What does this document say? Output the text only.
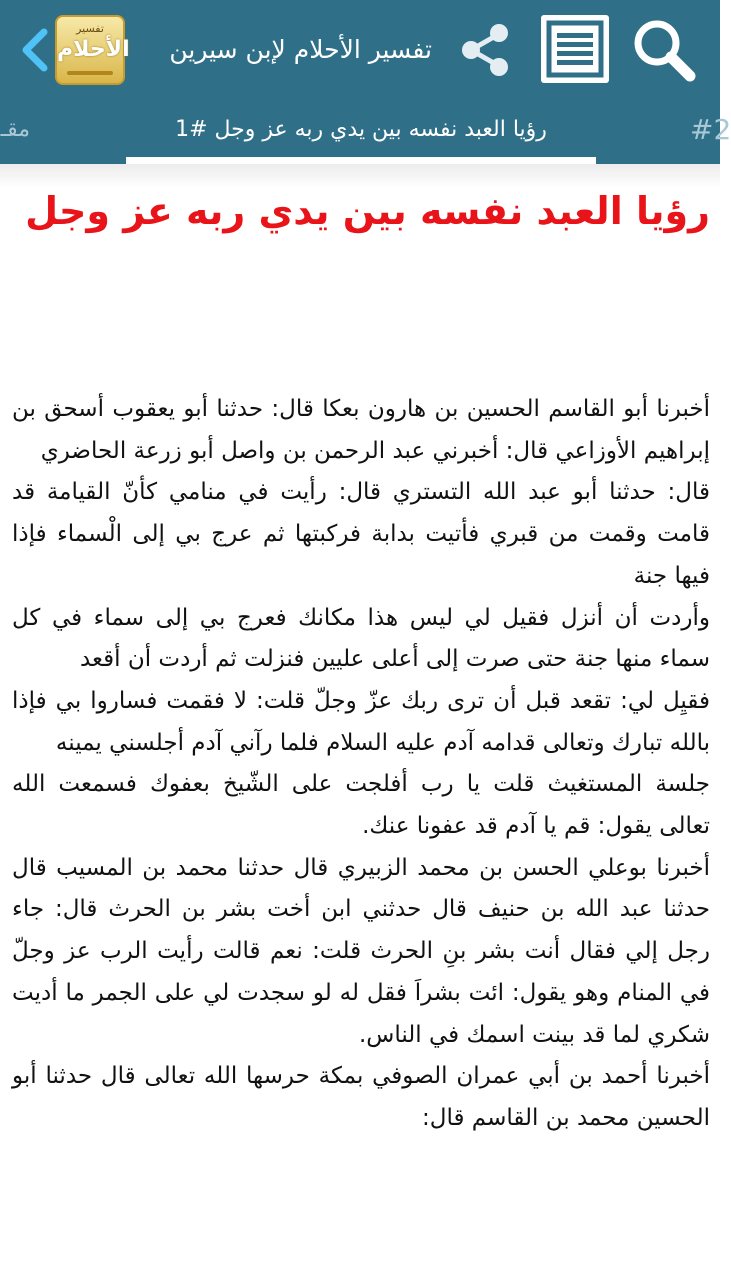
تفسير
الأحلام	تفسير الأحلام لإبن سيرين
مقـ	رؤيا العبد نفسه بين يدي ربه عز وجل #1	#2
رؤيا العبد نفسه بين يدي ربه عز وجل

أخبرنا أبو القاسم الحسين بن هارون بعكا قال: حدثنا أبو يعقوب أسحق بن إبراهيم الأوزاعي قال: أخبرني عبد الرحمن بن واصل أبو زرعة الحاضري

قال: حدثنا أبو عبد الله التستري قال: رأيت في منامي كأنّ القيامة قد قامت وقمت من قبري فأتيت بدابة فركبتها ثم عرج بي إلى الْسماء فإذا فيها جنة

وأردت أن أنزل فقيل لي ليس هذا مكانك فعرج بي إلى سماء في كل سماء منها جنة حتى صرت إلى أعلى عليين فنزلت ثم أردت أن أقعد

فقيِل لي: تقعد قبل أن ترى ربك عزّ وجلّ قلت: لا فقمت فساروا بي فإذا بالله تبارك وتعالى قدامه آدم عليه السلام فلما رآني آدم أجلسني يمينه

جلسة المستغيث قلت يا رب أفلجت على الشّيخ بعفوك فسمعت الله تعالى يقول: قم يا آدم قد عفونا عنك.

أخبرنا بوعلي الحسن بن محمد الزبيري قال حدثنا محمد بن المسيب قال حدثنا عبد الله بن حنيف قال حدثني ابن أخت بشر بن الحرث قال: جاء رجل إلي فقال أنت بشر بنِ الحرث قلت: نعم قالت رأيت الرب عز وجلّ في المنام وهو يقول: ائت بشراَ فقل له لو سجدت لي على الجمر ما أديت شكري لما قد بينت اسمك في الناس.

أخبرنا أحمد بن أبي عمران الصوفي بمكة حرسها الله تعالى قال حدثنا أبو الحسين محمد بن القاسم قال:
